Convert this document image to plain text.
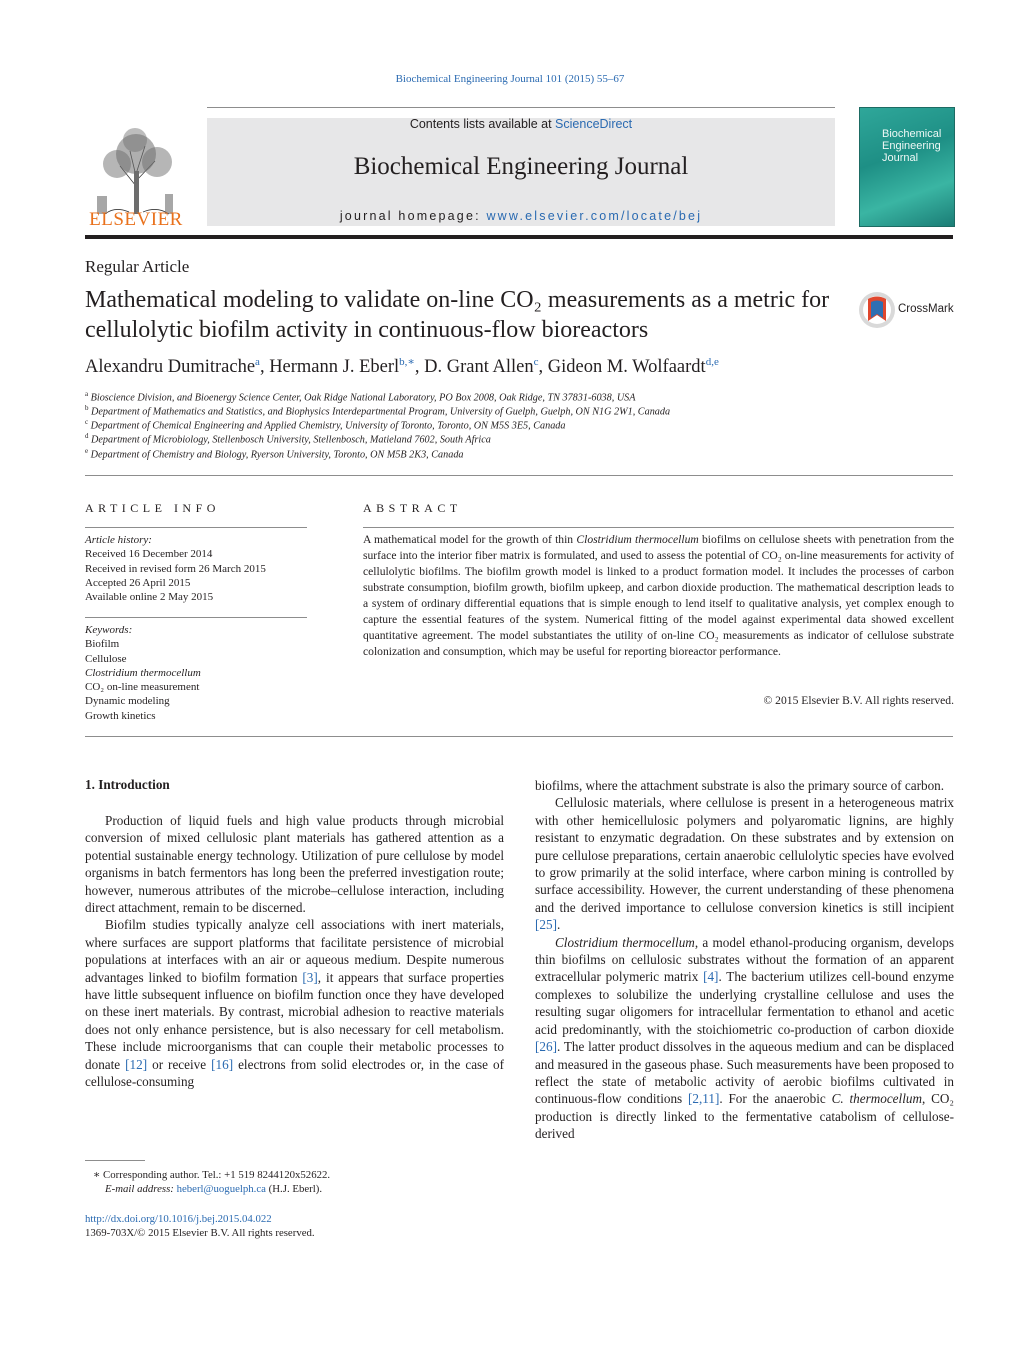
Biochemical Engineering Journal 101 (2015) 55–67
ELSEVIER
Contents lists available at ScienceDirect
Biochemical Engineering Journal
journal homepage: www.elsevier.com/locate/bej
Biochemical Engineering Journal
Regular Article
Mathematical modeling to validate on-line CO₂ measurements as a metric for cellulolytic biofilm activity in continuous-flow bioreactors
CrossMark
Alexandru Dumitrache$^a$, Hermann J. Eberl$^{b,∗}$, D. Grant Allen$^c$, Gideon M. Wolfaardt$^{d,e}$
$^a$ Bioscience Division, and Bioenergy Science Center, Oak Ridge National Laboratory, PO Box 2008, Oak Ridge, TN 37831-6038, USA
$^b$ Department of Mathematics and Statistics, and Biophysics Interdepartmental Program, University of Guelph, Guelph, ON N1G 2W1, Canada
$^c$ Department of Chemical Engineering and Applied Chemistry, University of Toronto, Toronto, ON M5S 3E5, Canada
$^d$ Department of Microbiology, Stellenbosch University, Stellenbosch, Matieland 7602, South Africa
$^e$ Department of Chemistry and Biology, Ryerson University, Toronto, ON M5B 2K3, Canada
ARTICLE INFO
Article history:
Received 16 December 2014
Received in revised form 26 March 2015
Accepted 26 April 2015
Available online 2 May 2015
Keywords:
Biofilm
Cellulose
Clostridium thermocellum
CO₂ on-line measurement
Dynamic modeling
Growth kinetics
ABSTRACT
A mathematical model for the growth of thin Clostridium thermocellum biofilms on cellulose sheets with penetration from the surface into the interior fiber matrix is formulated, and used to assess the potential of CO₂ on-line measurements for activity of cellulolytic biofilms. The biofilm growth model is linked to a product formation model. It includes the processes of carbon substrate consumption, biofilm growth, biofilm upkeep, and carbon dioxide production. The mathematical description leads to a system of ordinary differential equations that is simple enough to lend itself to qualitative analysis, yet complex enough to capture the essential features of the system. Numerical fitting of the model against experimental data showed excellent quantitative agreement. The model substantiates the utility of on-line CO₂ measurements as indicator of cellulose substrate colonization and consumption, which may be useful for reporting bioreactor performance.
© 2015 Elsevier B.V. All rights reserved.
1. Introduction

Production of liquid fuels and high value products through microbial conversion of mixed cellulosic plant materials has gathered attention as a potential sustainable energy technology. Utilization of pure cellulose by model organisms in batch fermentors has long been the preferred investigation route; however, numerous attributes of the microbe–cellulose interaction, including direct attachment, remain to be discerned.

Biofilm studies typically analyze cell associations with inert materials, where surfaces are support platforms that facilitate persistence of microbial populations at interfaces with an air or aqueous medium. Despite numerous advantages linked to biofilm formation [3], it appears that surface properties have little subsequent influence on biofilm function once they have developed on these inert materials. By contrast, microbial adhesion to reactive materials does not only enhance persistence, but is also necessary for cell metabolism. These include microorganisms that can couple their metabolic processes to donate [12] or receive [16] electrons from solid electrodes or, in the case of cellulose-consuming

biofilms, where the attachment substrate is also the primary source of carbon.

Cellulosic materials, where cellulose is present in a heterogeneous matrix with other hemicellulosic polymers and polyaromatic lignins, are highly resistant to enzymatic degradation. On these substrates and by extension on pure cellulose preparations, certain anaerobic cellulolytic species have evolved to grow primarily at the solid interface, where carbon mining is controlled by surface accessibility. However, the current understanding of these phenomena and the derived importance to cellulose conversion kinetics is still incipient [25].

Clostridium thermocellum, a model ethanol-producing organism, develops thin biofilms on cellulosic substrates without the formation of an apparent extracellular polymeric matrix [4]. The bacterium utilizes cell-bound enzyme complexes to solubilize the underlying crystalline cellulose and uses the resulting sugar oligomers for intracellular fermentation to ethanol and acetic acid predominantly, with the stoichiometric co-production of carbon dioxide [26]. The latter product dissolves in the aqueous medium and can be displaced and measured in the gaseous phase. Such measurements have been proposed to reflect the state of metabolic activity of aerobic biofilms cultivated in continuous-flow conditions [2,11]. For the anaerobic C. thermocellum, CO₂ production is directly linked to the fermentative catabolism of cellulose-derived

∗ Corresponding author. Tel.: +1 519 8244120x52622.
E-mail address: heberl@uoguelph.ca (H.J. Eberl).
http://dx.doi.org/10.1016/j.bej.2015.04.022
1369-703X/© 2015 Elsevier B.V. All rights reserved.
